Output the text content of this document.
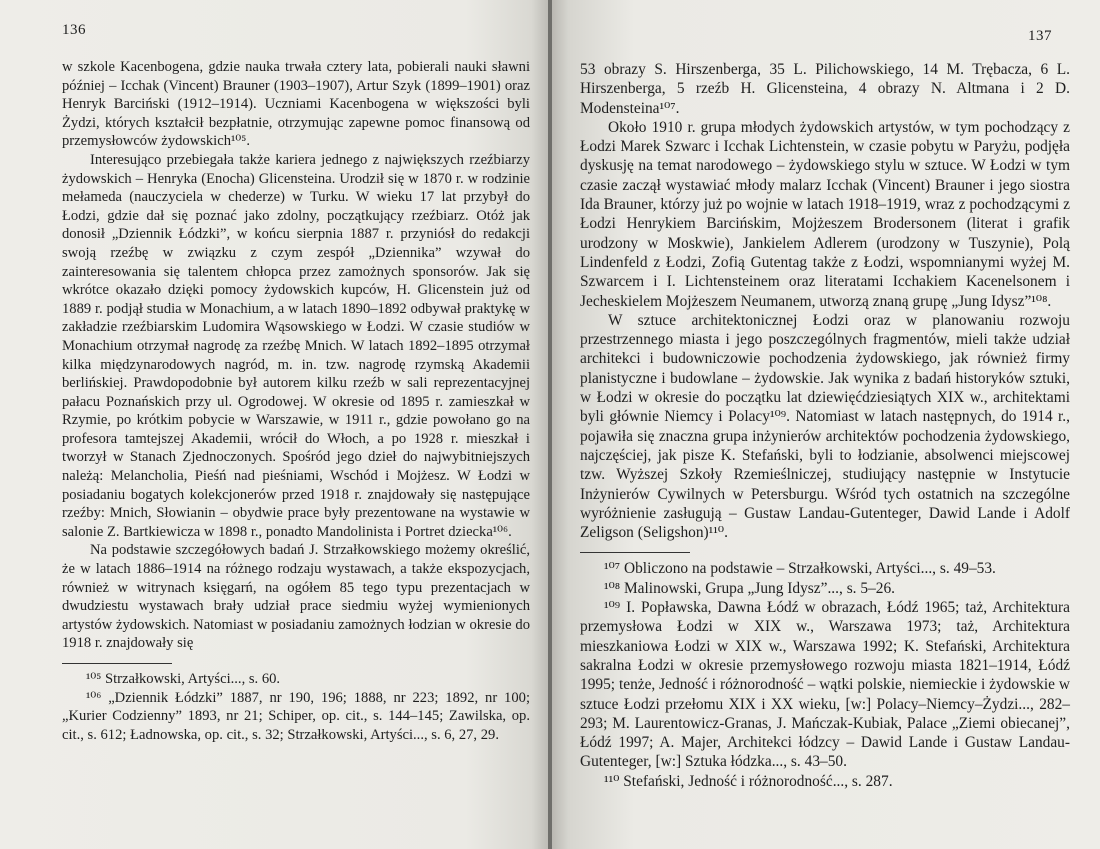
136

w szkole Kacenbogena, gdzie nauka trwała cztery lata, pobierali nauki sławni później – Icchak (Vincent) Brauner (1903–1907), Artur Szyk (1899–1901) oraz Henryk Barciński (1912–1914). Uczniami Kacenbogena w większości byli Żydzi, których kształcił bezpłatnie, otrzymując zapewne pomoc finansową od przemysłowców żydowskich¹⁰⁵.

Interesująco przebiegała także kariera jednego z największych rzeźbiarzy żydowskich – Henryka (Enocha) Glicensteina. Urodził się w 1870 r. w rodzinie mełameda (nauczyciela w chederze) w Turku. W wieku 17 lat przybył do Łodzi, gdzie dał się poznać jako zdolny, początkujący rzeźbiarz. Otóż jak donosił „Dziennik Łódzki”, w końcu sierpnia 1887 r. przyniósł do redakcji swoją rzeźbę w związku z czym zespół „Dziennika” wzywał do zainteresowania się talentem chłopca przez zamożnych sponsorów. Jak się wkrótce okazało dzięki pomocy żydowskich kupców, H. Glicenstein już od 1889 r. podjął studia w Monachium, a w latach 1890–1892 odbywał praktykę w zakładzie rzeźbiarskim Ludomira Wąsowskiego w Łodzi. W czasie studiów w Monachium otrzymał nagrodę za rzeźbę Mnich. W latach 1892–1895 otrzymał kilka międzynarodowych nagród, m. in. tzw. nagrodę rzymską Akademii berlińskiej. Prawdopodobnie był autorem kilku rzeźb w sali reprezentacyjnej pałacu Poznańskich przy ul. Ogrodowej. W okresie od 1895 r. zamieszkał w Rzymie, po krótkim pobycie w Warszawie, w 1911 r., gdzie powołano go na profesora tamtejszej Akademii, wrócił do Włoch, a po 1928 r. mieszkał i tworzył w Stanach Zjednoczonych. Spośród jego dzieł do najwybitniejszych należą: Melancholia, Pieśń nad pieśniami, Wschód i Mojżesz. W Łodzi w posiadaniu bogatych kolekcjonerów przed 1918 r. znajdowały się następujące rzeźby: Mnich, Słowianin – obydwie prace były prezentowane na wystawie w salonie Z. Bartkiewicza w 1898 r., ponadto Mandolinista i Portret dziecka¹⁰⁶.

Na podstawie szczegółowych badań J. Strzałkowskiego możemy określić, że w latach 1886–1914 na różnego rodzaju wystawach, a także ekspozycjach, również w witrynach księgarń, na ogółem 85 tego typu prezentacjach w dwudziestu wystawach brały udział prace siedmiu wyżej wymienionych artystów żydowskich. Natomiast w posiadaniu zamożnych łodzian w okresie do 1918 r. znajdowały się

¹⁰⁵ Strzałkowski, Artyści..., s. 60.

¹⁰⁶ „Dziennik Łódzki” 1887, nr 190, 196; 1888, nr 223; 1892, nr 100; „Kurier Codzienny” 1893, nr 21; Schiper, op. cit., s. 144–145; Zawilska, op. cit., s. 612; Ładnowska, op. cit., s. 32; Strzałkowski, Artyści..., s. 6, 27, 29.

137

53 obrazy S. Hirszenberga, 35 L. Pilichowskiego, 14 M. Trębacza, 6 L. Hirszenberga, 5 rzeźb H. Glicensteina, 4 obrazy N. Altmana i 2 D. Modensteina¹⁰⁷.

Około 1910 r. grupa młodych żydowskich artystów, w tym pochodzący z Łodzi Marek Szwarc i Icchak Lichtenstein, w czasie pobytu w Paryżu, podjęła dyskusję na temat narodowego – żydowskiego stylu w sztuce. W Łodzi w tym czasie zaczął wystawiać młody malarz Icchak (Vincent) Brauner i jego siostra Ida Brauner, którzy już po wojnie w latach 1918–1919, wraz z pochodzącymi z Łodzi Henrykiem Barcińskim, Mojżeszem Brodersonem (literat i grafik urodzony w Moskwie), Jankielem Adlerem (urodzony w Tuszynie), Polą Lindenfeld z Łodzi, Zofią Gutentag także z Łodzi, wspomnianymi wyżej M. Szwarcem i I. Lichtensteinem oraz literatami Icchakiem Kacenelsonem i Jecheskielem Mojżeszem Neumanem, utworzą znaną grupę „Jung Idysz”¹⁰⁸.

W sztuce architektonicznej Łodzi oraz w planowaniu rozwoju przestrzennego miasta i jego poszczególnych fragmentów, mieli także udział architekci i budowniczowie pochodzenia żydowskiego, jak również firmy planistyczne i budowlane – żydowskie. Jak wynika z badań historyków sztuki, w Łodzi w okresie do początku lat dziewięćdziesiątych XIX w., architektami byli głównie Niemcy i Polacy¹⁰⁹. Natomiast w latach następnych, do 1914 r., pojawiła się znaczna grupa inżynierów architektów pochodzenia żydowskiego, najczęściej, jak pisze K. Stefański, byli to łodzianie, absolwenci miejscowej tzw. Wyższej Szkoły Rzemieślniczej, studiujący następnie w Instytucie Inżynierów Cywilnych w Petersburgu. Wśród tych ostatnich na szczególne wyróżnienie zasługują – Gustaw Landau-Gutenteger, Dawid Lande i Adolf Zeligson (Seligshon)¹¹⁰.

¹⁰⁷ Obliczono na podstawie – Strzałkowski, Artyści..., s. 49–53.

¹⁰⁸ Malinowski, Grupa „Jung Idysz”..., s. 5–26.

¹⁰⁹ I. Popławska, Dawna Łódź w obrazach, Łódź 1965; taż, Architektura przemysłowa Łodzi w XIX w., Warszawa 1973; taż, Architektura mieszkaniowa Łodzi w XIX w., Warszawa 1992; K. Stefański, Architektura sakralna Łodzi w okresie przemysłowego rozwoju miasta 1821–1914, Łódź 1995; tenże, Jedność i różnorodność – wątki polskie, niemieckie i żydowskie w sztuce Łodzi przełomu XIX i XX wieku, [w:] Polacy–Niemcy–Żydzi..., 282–293; M. Laurentowicz-Granas, J. Mańczak-Kubiak, Palace „Ziemi obiecanej”, Łódź 1997; A. Majer, Architekci łódzcy – Dawid Lande i Gustaw Landau-Gutenteger, [w:] Sztuka łódzka..., s. 43–50.

¹¹⁰ Stefański, Jedność i różnorodność..., s. 287.
